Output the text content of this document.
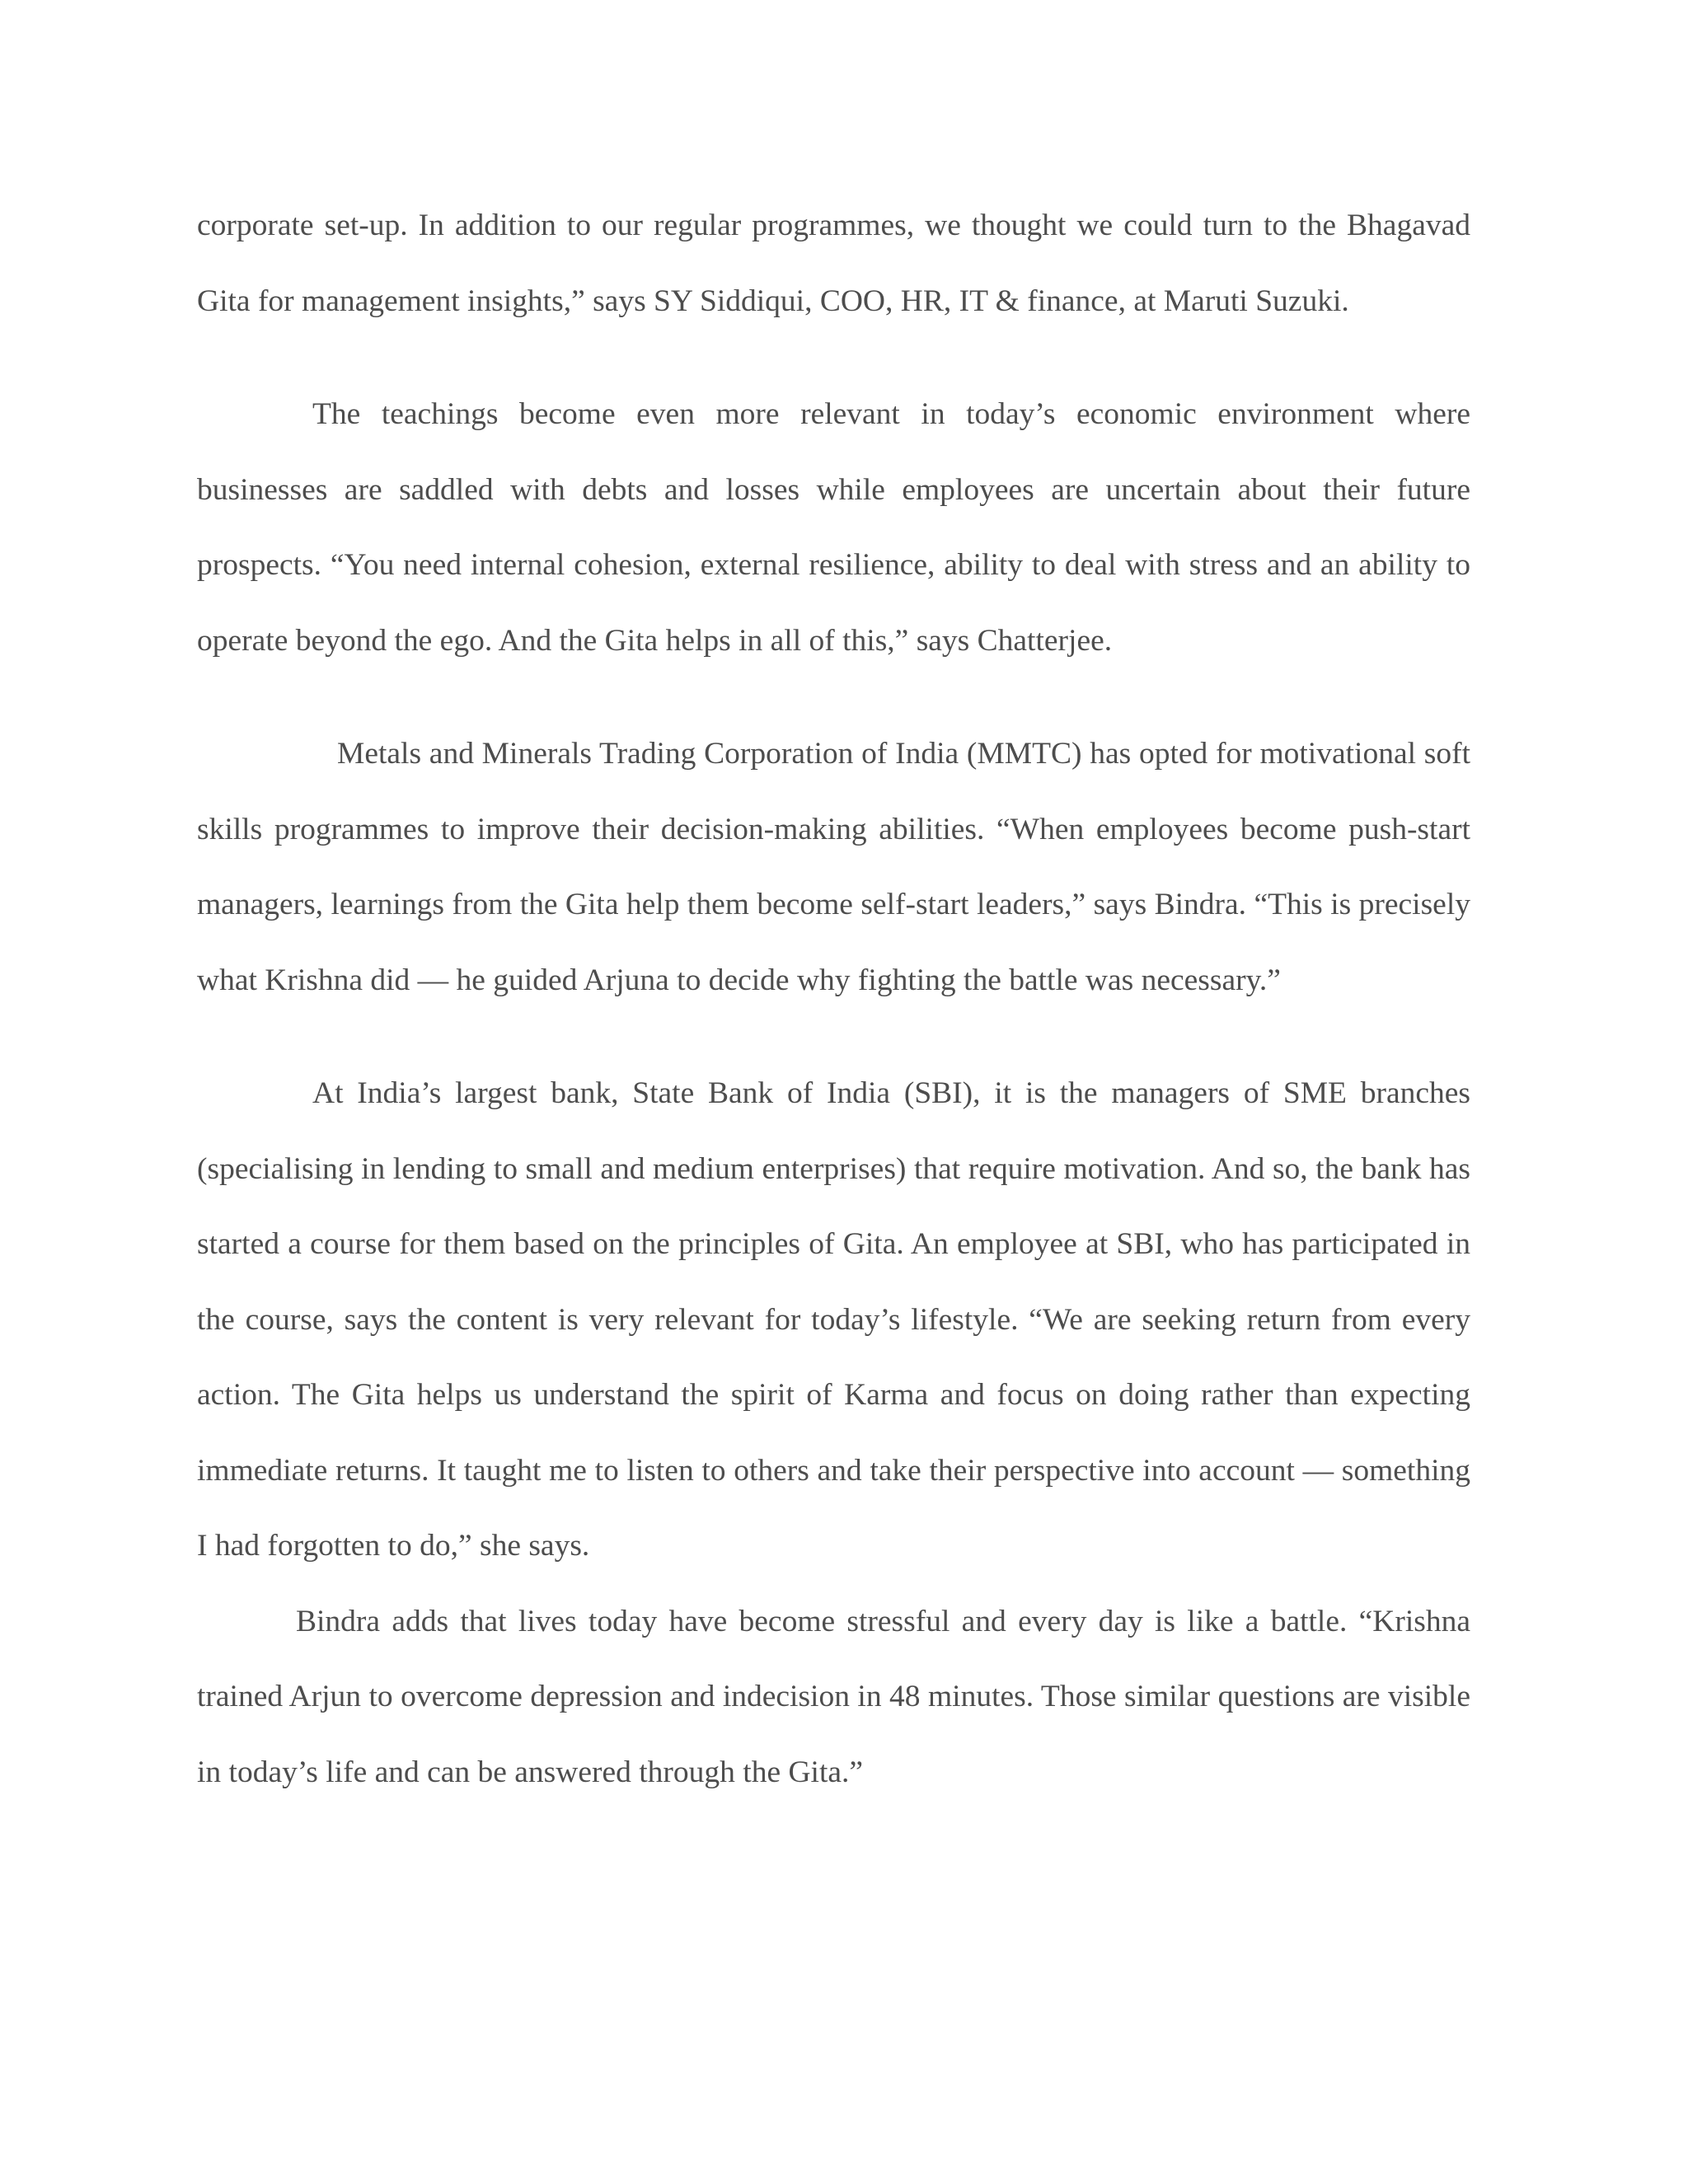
corporate set-up. In addition to our regular programmes, we thought we could turn to the Bhagavad Gita for management insights,” says SY Siddiqui, COO, HR, IT & finance, at Maruti Suzuki.

The teachings become even more relevant in today’s economic environment where businesses are saddled with debts and losses while employees are uncertain about their future prospects. “You need internal cohesion, external resilience, ability to deal with stress and an ability to operate beyond the ego. And the Gita helps in all of this,” says Chatterjee.

Metals and Minerals Trading Corporation of India (MMTC) has opted for motivational soft skills programmes to improve their decision-making abilities. “When employees become push-start managers, learnings from the Gita help them become self-start leaders,” says Bindra. “This is precisely what Krishna did — he guided Arjuna to decide why fighting the battle was necessary.”

At India’s largest bank, State Bank of India (SBI), it is the managers of SME branches (specialising in lending to small and medium enterprises) that require motivation. And so, the bank has started a course for them based on the principles of Gita. An employee at SBI, who has participated in the course, says the content is very relevant for today’s lifestyle. “We are seeking return from every action. The Gita helps us understand the spirit of Karma and focus on doing rather than expecting immediate returns. It taught me to listen to others and take their perspective into account — something I had forgotten to do,” she says.

Bindra adds that lives today have become stressful and every day is like a battle. “Krishna trained Arjun to overcome depression and indecision in 48 minutes. Those similar questions are visible in today’s life and can be answered through the Gita.”
